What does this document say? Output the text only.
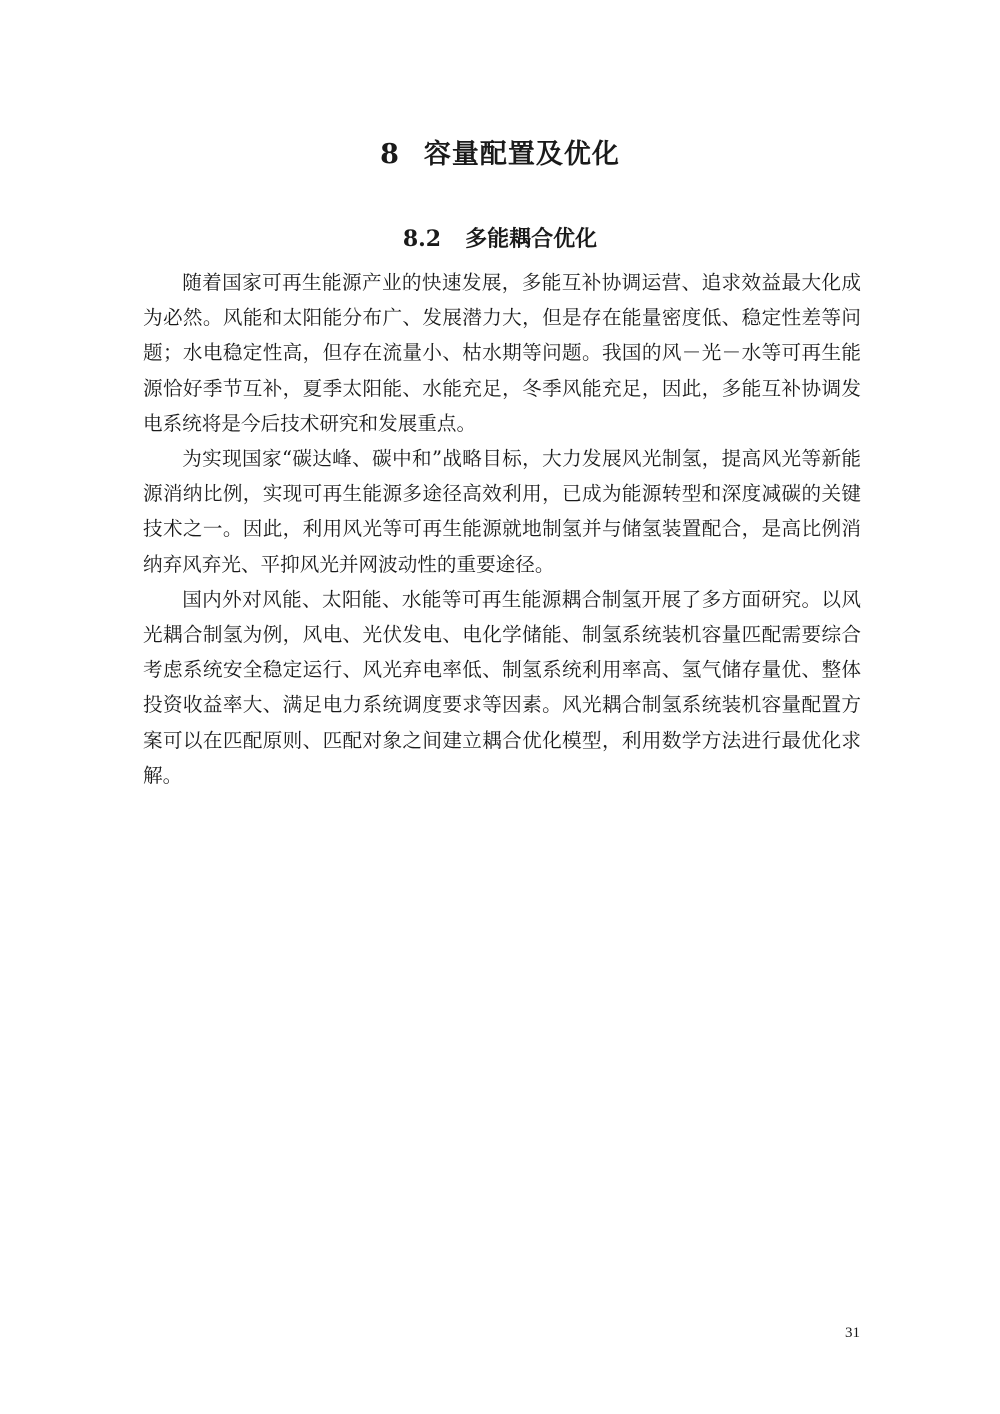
8 容量配置及优化
8.2 多能耦合优化

随着国家可再生能源产业的快速发展，多能互补协调运营、追求效益最大化成为必然。风能和太阳能分布广、发展潜力大，但是存在能量密度低、稳定性差等问题；水电稳定性高，但存在流量小、枯水期等问题。我国的风－光－水等可再生能源恰好季节互补，夏季太阳能、水能充足，冬季风能充足，因此，多能互补协调发电系统将是今后技术研究和发展重点。

为实现国家“碳达峰、碳中和”战略目标，大力发展风光制氢，提高风光等新能源消纳比例，实现可再生能源多途径高效利用，已成为能源转型和深度减碳的关键技术之一。因此，利用风光等可再生能源就地制氢并与储氢装置配合，是高比例消纳弃风弃光、平抑风光并网波动性的重要途径。

国内外对风能、太阳能、水能等可再生能源耦合制氢开展了多方面研究。以风光耦合制氢为例，风电、光伏发电、电化学储能、制氢系统装机容量匹配需要综合考虑系统安全稳定运行、风光弃电率低、制氢系统利用率高、氢气储存量优、整体投资收益率大、满足电力系统调度要求等因素。风光耦合制氢系统装机容量配置方案可以在匹配原则、匹配对象之间建立耦合优化模型，利用数学方法进行最优化求解。

31
